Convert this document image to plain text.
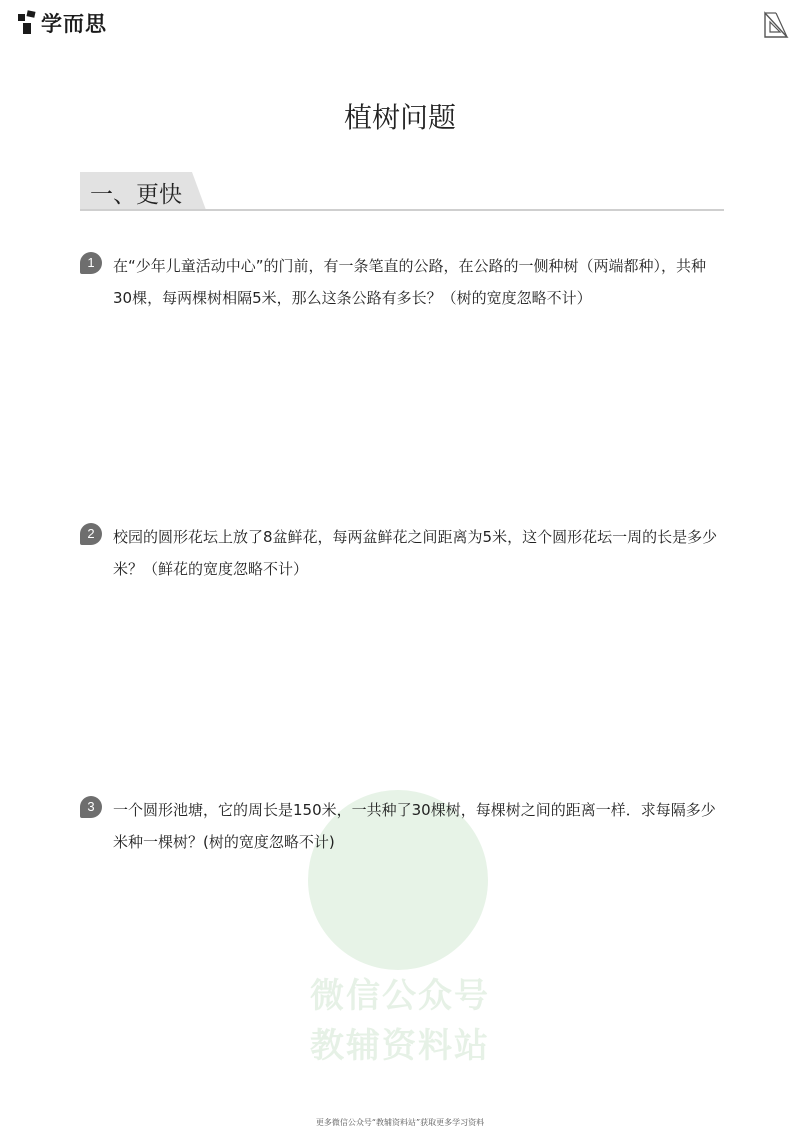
学而思
植树问题
一、更快
微信公众号
教辅资料站
1	在“少年儿童活动中心”的门前，有一条笔直的公路，在公路的一侧种树（两端都种），共种30棵，每两棵树相隔5米，那么这条公路有多长？（树的宽度忽略不计）
2	校园的圆形花坛上放了8盆鲜花，每两盆鲜花之间距离为5米，这个圆形花坛一周的长是多少米？（鲜花的宽度忽略不计）
3	一个圆形池塘，它的周长是150米，一共种了30棵树，每棵树之间的距离一样．求每隔多少米种一棵树？(树的宽度忽略不计)
更多微信公众号“教辅资料站”获取更多学习资料
